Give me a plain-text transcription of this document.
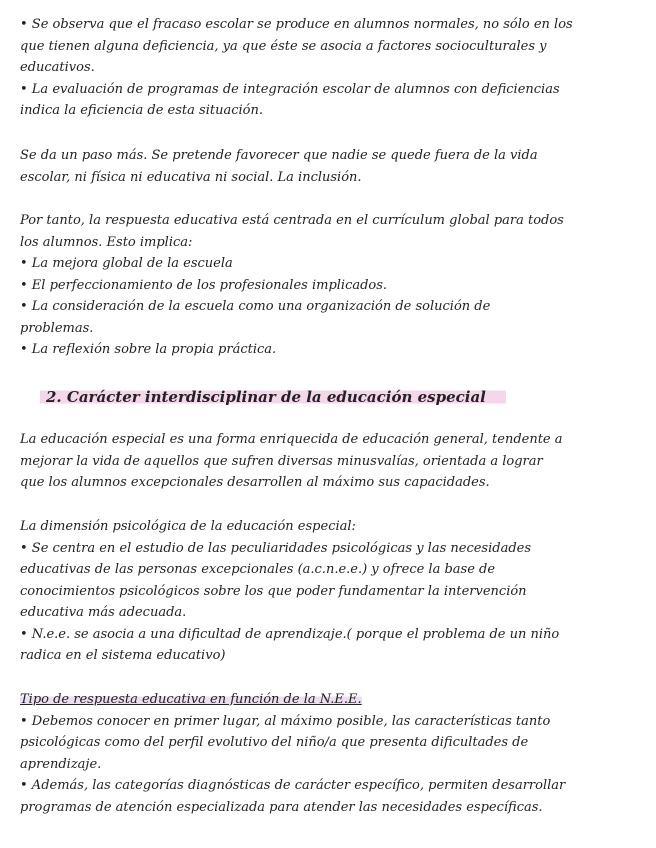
• Se observa que el fracaso escolar se produce en alumnos normales, no sólo en los
que tienen alguna deficiencia, ya que éste se asocia a factores socioculturales y
educativos.
• La evaluación de programas de integración escolar de alumnos con deficiencias
indica la eficiencia de esta situación.
Se da un paso más. Se pretende favorecer que nadie se quede fuera de la vida
escolar, ni física ni educativa ni social. La inclusión.
Por tanto, la respuesta educativa está centrada en el currículum global para todos
los alumnos. Esto implica:
• La mejora global de la escuela
• El perfeccionamiento de los profesionales implicados.
• La consideración de la escuela como una organización de solución de
problemas.
• La reflexión sobre la propia práctica.
2. Carácter interdisciplinar de la educación especial
La educación especial es una forma enriquecida de educación general, tendente a
mejorar la vida de aquellos que sufren diversas minusvalías, orientada a lograr
que los alumnos excepcionales desarrollen al máximo sus capacidades.
La dimensión psicológica de la educación especial:
• Se centra en el estudio de las peculiaridades psicológicas y las necesidades
educativas de las personas excepcionales (a.c.n.e.e.) y ofrece la base de
conocimientos psicológicos sobre los que poder fundamentar la intervención
educativa más adecuada.
• N.e.e. se asocia a una dificultad de aprendizaje.( porque el problema de un niño
radica en el sistema educativo)
Tipo de respuesta educativa en función de la N.E.E.
• Debemos conocer en primer lugar, al máximo posible, las características tanto
psicológicas como del perfil evolutivo del niño/a que presenta dificultades de
aprendizaje.
• Además, las categorías diagnósticas de carácter específico, permiten desarrollar
programas de atención especializada para atender las necesidades específicas.
